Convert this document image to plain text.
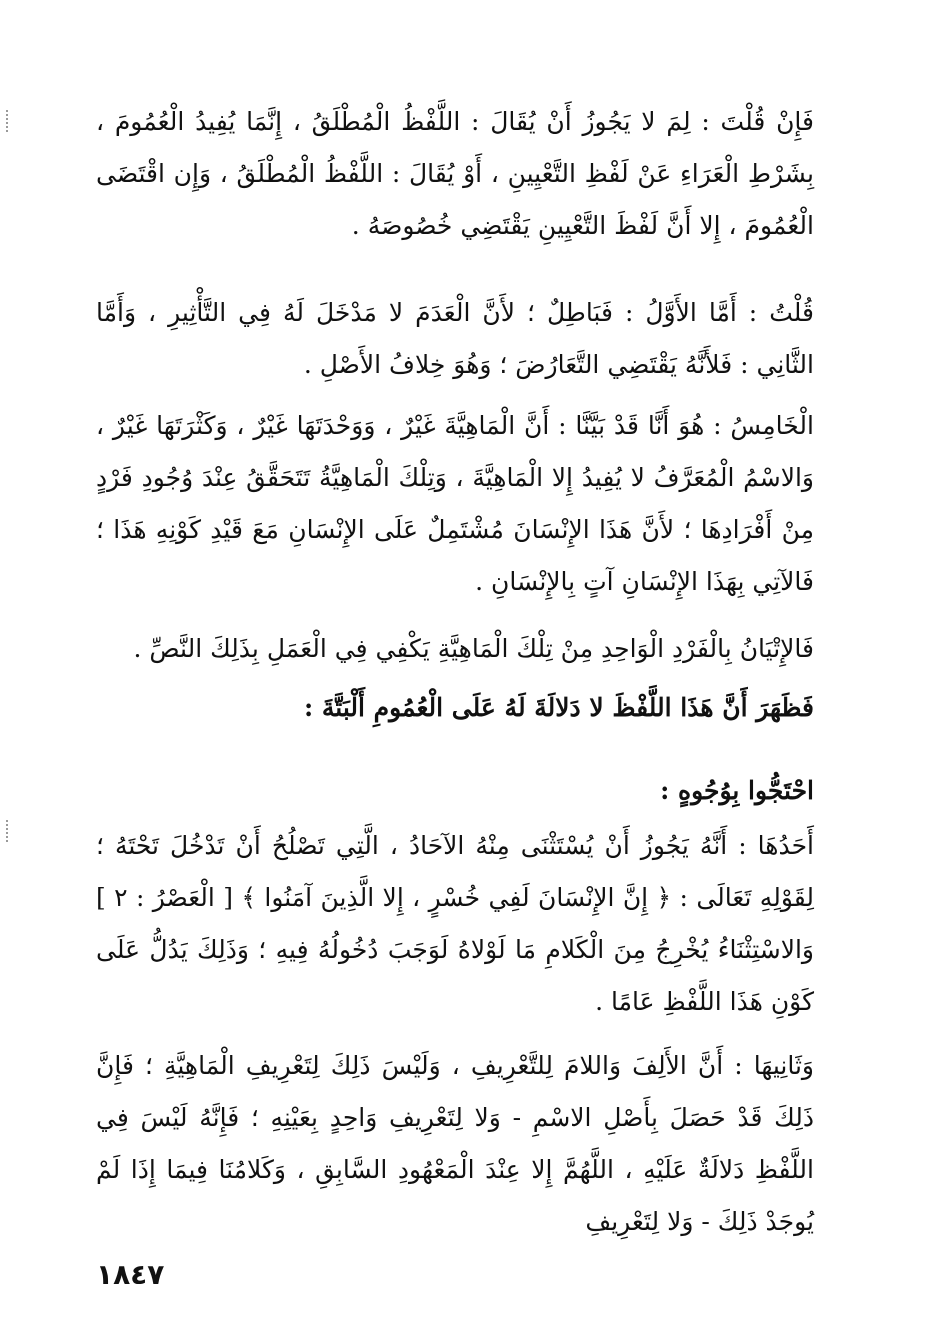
فَإِنْ قُلْتَ : لِمَ لا يَجُوزُ أَنْ يُقَالَ : اللَّفْظُ الْمُطْلَقُ ، إِنَّمَا يُفِيدُ الْعُمُومَ ، بِشَرْطِ الْعَرَاءِ عَنْ لَفْظِ التَّعْيِينِ ، أَوْ يُقَالَ : اللَّفْظُ الْمُطْلَقُ ، وَإِن اقْتَضَى الْعُمُومَ ، إِلا أَنَّ لَفْظَ التَّعْيِينِ يَقْتَضِي خُصُوصَهُ .

قُلْتُ : أَمَّا الأَوَّلُ : فَبَاطِلٌ ؛ لأَنَّ الْعَدَمَ لا مَدْخَلَ لَهُ فِي التَّأْثِيرِ ، وَأَمَّا الثَّانِي : فَلأَنَّهُ يَقْتَضِي التَّعَارُضَ ؛ وَهُوَ خِلافُ الأَصْلِ .

الْخَامِسُ : هُوَ أَنَّا قَدْ بَيَّنَّا : أَنَّ الْمَاهِيَّةَ غَيْرٌ ، وَوَحْدَتَهَا غَيْرٌ ، وَكَثْرَتَهَا غَيْرٌ ، وَالاسْمُ الْمُعَرَّفُ لا يُفِيدُ إِلا الْمَاهِيَّةَ ، وَتِلْكَ الْمَاهِيَّةُ تَتَحَقَّقُ عِنْدَ وُجُودِ فَرْدٍ مِنْ أَفْرَادِهَا ؛ لأَنَّ هَذَا الإِنْسَانَ مُشْتَمِلٌ عَلَى الإِنْسَانِ مَعَ قَيْدِ كَوْنِهِ هَذَا ؛ فَالآتِي بِهَذَا الإِنْسَانِ آتٍ بِالإِنْسَانِ .

فَالإِتْيَانُ بِالْفَرْدِ الْوَاحِدِ مِنْ تِلْكَ الْمَاهِيَّةِ يَكْفِي فِي الْعَمَلِ بِذَلِكَ النَّصِّ .

فَظَهَرَ أَنَّ هَذَا اللَّفْظَ لا دَلالَةَ لَهُ عَلَى الْعُمُومِ أَلْبَتَّةَ :

احْتَجُّوا بِوُجُوهٍ :

أَحَدُهَا : أَنَّهُ يَجُوزُ أَنْ يُسْتَثْنَى مِنْهُ الآحَادُ ، الَّتِي تَصْلُحُ أَنْ تَدْخُلَ تَحْتَهُ ؛ لِقَوْلِهِ تَعَالَى : ﴿ إِنَّ الإِنْسَانَ لَفِي خُسْرٍ ، إِلا الَّذِينَ آمَنُوا ﴾ [ الْعَصْرُ : ٢ ] وَالاسْتِثْنَاءُ يُخْرِجُ مِنَ الْكَلامِ مَا لَوْلاهُ لَوَجَبَ دُخُولُهُ فِيهِ ؛ وَذَلِكَ يَدُلُّ عَلَى كَوْنِ هَذَا اللَّفْظِ عَامًا .

وَثَانِيهَا : أَنَّ الأَلِفَ وَاللامَ لِلتَّعْرِيفِ ، وَلَيْسَ ذَلِكَ لِتَعْرِيفِ الْمَاهِيَّةِ ؛ فَإِنَّ ذَلِكَ قَدْ حَصَلَ بِأَصْلِ الاسْمِ - وَلا لِتَعْرِيفِ وَاحِدٍ بِعَيْنِهِ ؛ فَإِنَّهُ لَيْسَ فِي اللَّفْظِ دَلالَةٌ عَلَيْهِ ، اللَّهُمَّ إِلا عِنْدَ الْمَعْهُودِ السَّابِقِ ، وَكَلامُنَا فِيمَا إِذَا لَمْ يُوجَدْ ذَلِكَ - وَلا لِتَعْرِيفِ

١٨٤٧
